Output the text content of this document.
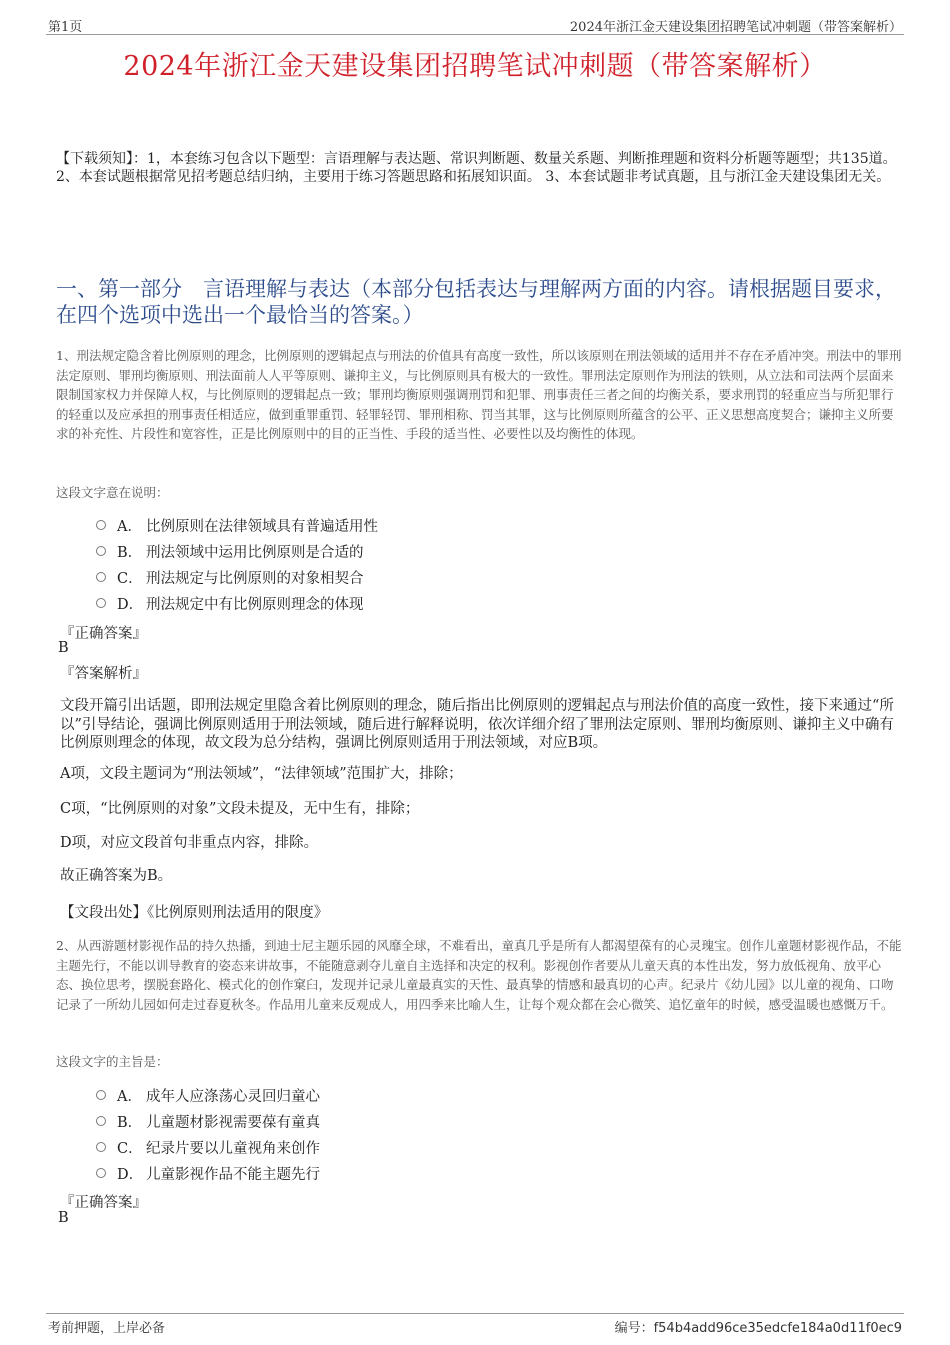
第1页	2024年浙江金天建设集团招聘笔试冲刺题（带答案解析）
2024年浙江金天建设集团招聘笔试冲刺题（带答案解析）
【下载须知】：1，本套练习包含以下题型：言语理解与表达题、常识判断题、数量关系题、判断推理题和资料分析题等题型；共135道。 2、本套试题根据常见招考题总结归纳，主要用于练习答题思路和拓展知识面。 3、本套试题非考试真题，且与浙江金天建设集团无关。
一、第一部分　言语理解与表达（本部分包括表达与理解两方面的内容。请根据题目要求，在四个选项中选出一个最恰当的答案。）
1、刑法规定隐含着比例原则的理念，比例原则的逻辑起点与刑法的价值具有高度一致性，所以该原则在刑法领域的适用并不存在矛盾冲突。刑法中的罪刑法定原则、罪刑均衡原则、刑法面前人人平等原则、谦抑主义，与比例原则具有极大的一致性。罪刑法定原则作为刑法的铁则，从立法和司法两个层面来限制国家权力并保障人权，与比例原则的逻辑起点一致；罪刑均衡原则强调刑罚和犯罪、刑事责任三者之间的均衡关系，要求刑罚的轻重应当与所犯罪行的轻重以及应承担的刑事责任相适应，做到重罪重罚、轻罪轻罚、罪刑相称、罚当其罪，这与比例原则所蕴含的公平、正义思想高度契合；谦抑主义所要求的补充性、片段性和宽容性，正是比例原则中的目的正当性、手段的适当性、必要性以及均衡性的体现。
这段文字意在说明：
A． 比例原则在法律领域具有普遍适用性
B． 刑法领域中运用比例原则是合适的
C． 刑法规定与比例原则的对象相契合
D． 刑法规定中有比例原则理念的体现
『正确答案』
B
『答案解析』
文段开篇引出话题，即刑法规定里隐含着比例原则的理念，随后指出比例原则的逻辑起点与刑法价值的高度一致性，接下来通过“所以”引导结论，强调比例原则适用于刑法领域，随后进行解释说明，依次详细介绍了罪刑法定原则、罪刑均衡原则、谦抑主义中确有比例原则理念的体现，故文段为总分结构，强调比例原则适用于刑法领域，对应B项。
A项，文段主题词为“刑法领域”，“法律领域”范围扩大，排除；
C项，“比例原则的对象”文段未提及，无中生有，排除；
D项，对应文段首句非重点内容，排除。
故正确答案为B。
【文段出处】《比例原则刑法适用的限度》
2、从西游题材影视作品的持久热播，到迪士尼主题乐园的风靡全球，不难看出，童真几乎是所有人都渴望葆有的心灵瑰宝。创作儿童题材影视作品，不能主题先行，不能以训导教育的姿态来讲故事，不能随意剥夺儿童自主选择和决定的权利。影视创作者要从儿童天真的本性出发，努力放低视角、放平心态、换位思考，摆脱套路化、模式化的创作窠臼，发现并记录儿童最真实的天性、最真挚的情感和最真切的心声。纪录片《幼儿园》以儿童的视角、口吻记录了一所幼儿园如何走过春夏秋冬。作品用儿童来反观成人，用四季来比喻人生，让每个观众都在会心微笑、追忆童年的时候，感受温暖也感慨万千。
这段文字的主旨是：
A． 成年人应涤荡心灵回归童心
B． 儿童题材影视需要葆有童真
C． 纪录片要以儿童视角来创作
D． 儿童影视作品不能主题先行
『正确答案』
B
考前押题，上岸必备	编号：f54b4add96ce35edcfe184a0d11f0ec9
